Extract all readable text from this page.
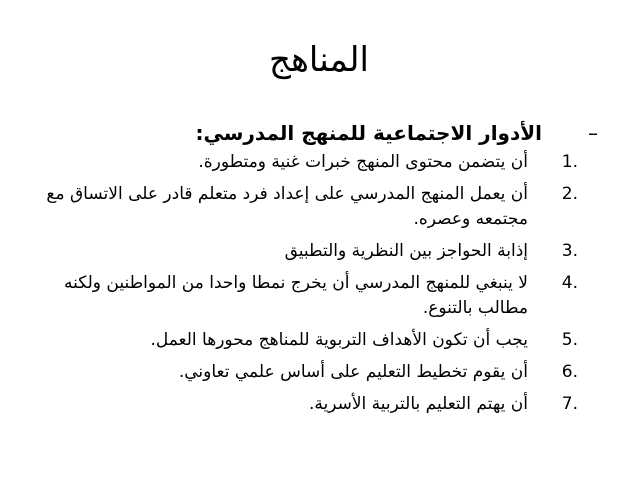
المناهج
–
الأدوار الاجتماعية للمنهج المدرسي:
1.
أن يتضمن محتوى المنهج خبرات غنية ومتطورة.
2.
أن يعمل المنهج المدرسي على إعداد فرد متعلم قادر على الاتساق مع مجتمعه وعصره.
3.
إذابة الحواجز بين النظرية والتطبيق
4.
لا ينبغي للمنهج المدرسي أن يخرج نمطا واحدا من المواطنين ولكنه مطالب بالتنوع.
5.
يجب أن تكون الأهداف التربوية للمناهج محورها العمل.
6.
أن يقوم تخطيط التعليم على أساس علمي تعاوني.
7.
أن يهتم التعليم بالتربية الأسرية.
